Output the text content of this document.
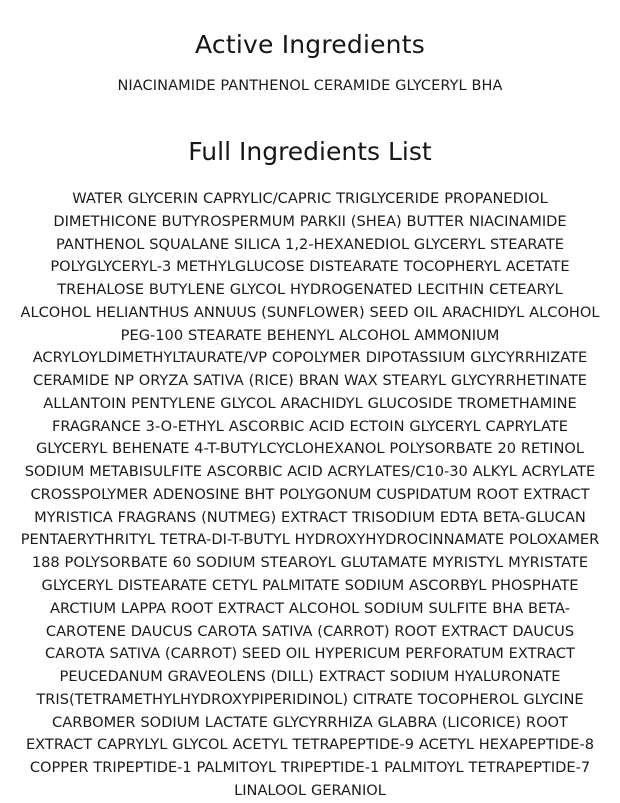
Active Ingredients

NIACINAMIDE PANTHENOL CERAMIDE GLYCERYL BHA

Full Ingredients List

WATER GLYCERIN CAPRYLIC/CAPRIC TRIGLYCERIDE PROPANEDIOL DIMETHICONE BUTYROSPERMUM PARKII (SHEA) BUTTER NIACINAMIDE PANTHENOL SQUALANE SILICA 1,2-HEXANEDIOL GLYCERYL STEARATE POLYGLYCERYL-3 METHYLGLUCOSE DISTEARATE TOCOPHERYL ACETATE TREHALOSE BUTYLENE GLYCOL HYDROGENATED LECITHIN CETEARYL ALCOHOL HELIANTHUS ANNUUS (SUNFLOWER) SEED OIL ARACHIDYL ALCOHOL PEG-100 STEARATE BEHENYL ALCOHOL AMMONIUM ACRYLOYLDIMETHYLTAURATE/VP COPOLYMER DIPOTASSIUM GLYCYRRHIZATE CERAMIDE NP ORYZA SATIVA (RICE) BRAN WAX STEARYL GLYCYRRHETINATE ALLANTOIN PENTYLENE GLYCOL ARACHIDYL GLUCOSIDE TROMETHAMINE FRAGRANCE 3-O-ETHYL ASCORBIC ACID ECTOIN GLYCERYL CAPRYLATE GLYCERYL BEHENATE 4-T-BUTYLCYCLOHEXANOL POLYSORBATE 20 RETINOL SODIUM METABISULFITE ASCORBIC ACID ACRYLATES/C10-30 ALKYL ACRYLATE CROSSPOLYMER ADENOSINE BHT POLYGONUM CUSPIDATUM ROOT EXTRACT MYRISTICA FRAGRANS (NUTMEG) EXTRACT TRISODIUM EDTA BETA-GLUCAN PENTAERYTHRITYL TETRA-DI-T-BUTYL HYDROXYHYDROCINNAMATE POLOXAMER 188 POLYSORBATE 60 SODIUM STEAROYL GLUTAMATE MYRISTYL MYRISTATE GLYCERYL DISTEARATE CETYL PALMITATE SODIUM ASCORBYL PHOSPHATE ARCTIUM LAPPA ROOT EXTRACT ALCOHOL SODIUM SULFITE BHA BETA-CAROTENE DAUCUS CAROTA SATIVA (CARROT) ROOT EXTRACT DAUCUS CAROTA SATIVA (CARROT) SEED OIL HYPERICUM PERFORATUM EXTRACT PEUCEDANUM GRAVEOLENS (DILL) EXTRACT SODIUM HYALURONATE TRIS(TETRAMETHYLHYDROXYPIPERIDINOL) CITRATE TOCOPHEROL GLYCINE CARBOMER SODIUM LACTATE GLYCYRRHIZA GLABRA (LICORICE) ROOT EXTRACT CAPRYLYL GLYCOL ACETYL TETRAPEPTIDE-9 ACETYL HEXAPEPTIDE-8 COPPER TRIPEPTIDE-1 PALMITOYL TRIPEPTIDE-1 PALMITOYL TETRAPEPTIDE-7 LINALOOL GERANIOL
